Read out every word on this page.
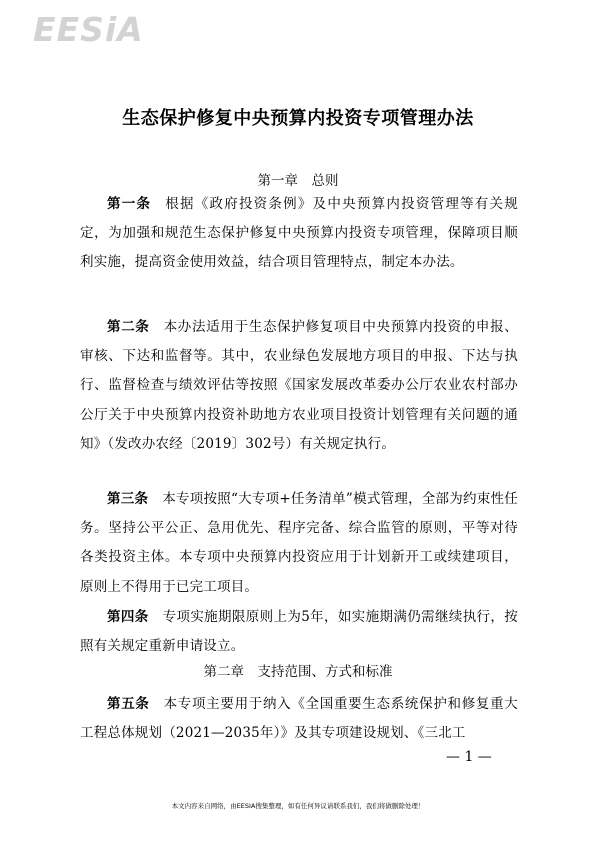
EESiA
生态保护修复中央预算内投资专项管理办法
第一章　总则
第一条 根据《政府投资条例》及中央预算内投资管理等有关规定，为加强和规范生态保护修复中央预算内投资专项管理，保障项目顺利实施，提高资金使用效益，结合项目管理特点，制定本办法。
第二条 本办法适用于生态保护修复项目中央预算内投资的申报、审核、下达和监督等。其中，农业绿色发展地方项目的申报、下达与执行、监督检查与绩效评估等按照《国家发展改革委办公厅农业农村部办公厅关于中央预算内投资补助地方农业项目投资计划管理有关问题的通知》（发改办农经〔2019〕302号）有关规定执行。
第三条 本专项按照“大专项+任务清单”模式管理，全部为约束性任务。坚持公平公正、急用优先、程序完备、综合监管的原则，平等对待各类投资主体。本专项中央预算内投资应用于计划新开工或续建项目，原则上不得用于已完工项目。
第四条 专项实施期限原则上为5年，如实施期满仍需继续执行，按照有关规定重新申请设立。
第二章　支持范围、方式和标准
第五条 本专项主要用于纳入《全国重要生态系统保护和修复重大工程总体规划（2021—2035年）》及其专项建设规划、《三北工
— 1 —
本文内容来自网络，由EESIA搜集整理，如有任何异议请联系我们，我们将做删除处理！
